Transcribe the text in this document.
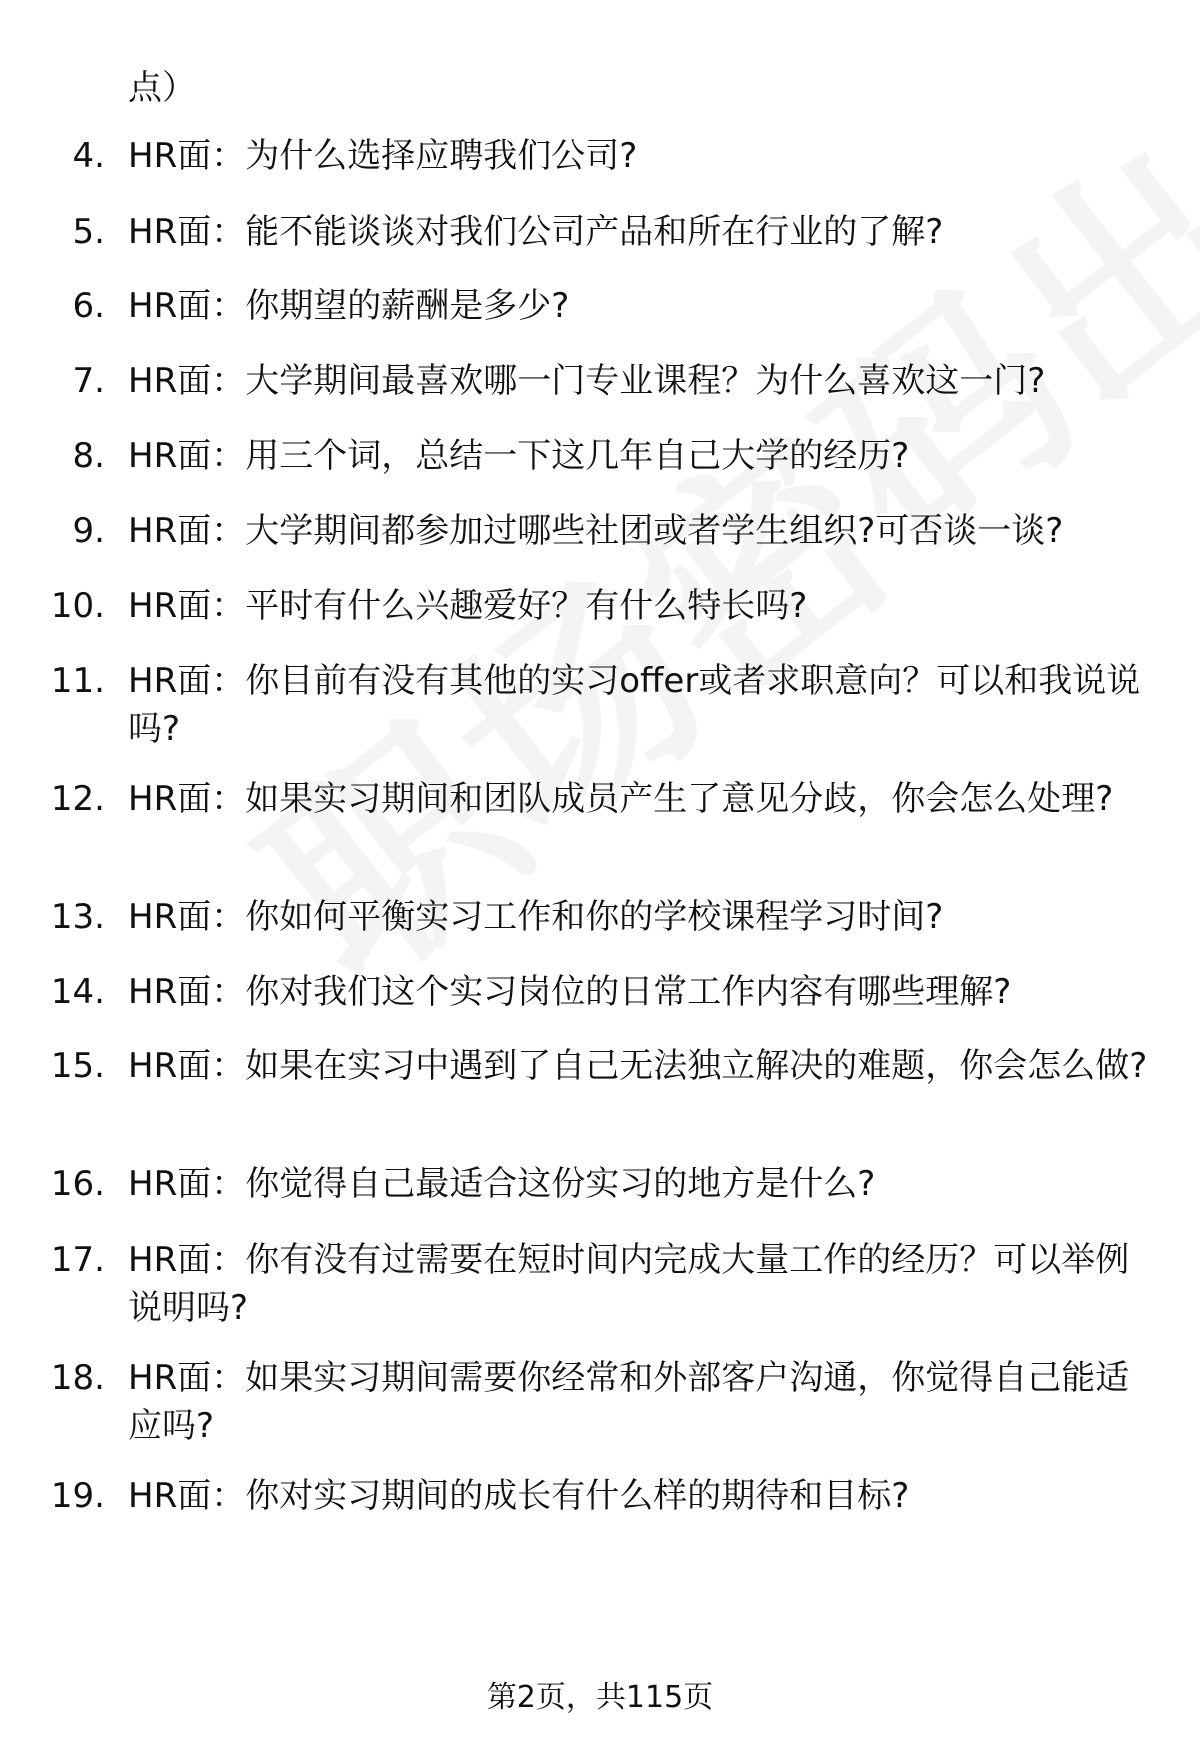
点）
4. HR面：为什么选择应聘我们公司?
5. HR面：能不能谈谈对我们公司产品和所在行业的了解?
6. HR面：你期望的薪酬是多少?
7. HR面：大学期间最喜欢哪一门专业课程？为什么喜欢这一门?
8. HR面：用三个词，总结一下这几年自己大学的经历?
9. HR面：大学期间都参加过哪些社团或者学生组织?可否谈一谈?
10. HR面：平时有什么兴趣爱好？有什么特长吗?
11. HR面：你目前有没有其他的实习offer或者求职意向？可以和我说说吗?
12. HR面：如果实习期间和团队成员产生了意见分歧，你会怎么处理?
13. HR面：你如何平衡实习工作和你的学校课程学习时间?
14. HR面：你对我们这个实习岗位的日常工作内容有哪些理解?
15. HR面：如果在实习中遇到了自己无法独立解决的难题，你会怎么做?
16. HR面：你觉得自己最适合这份实习的地方是什么?
17. HR面：你有没有过需要在短时间内完成大量工作的经历？可以举例说明吗?
18. HR面：如果实习期间需要你经常和外部客户沟通，你觉得自己能适应吗?
19. HR面：你对实习期间的成长有什么样的期待和目标?
第2页，共115页
